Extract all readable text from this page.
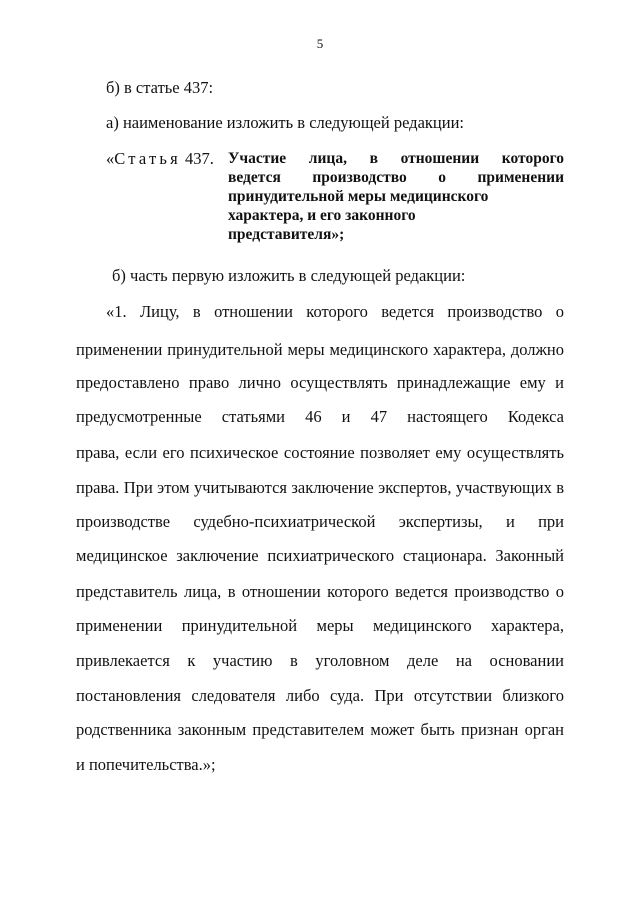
5
б) в статье 437:
а) наименование изложить в следующей редакции:
«Статья 437. Участие лица, в отношении которого
ведется производство о применении
принудительной меры медицинского
характера, и его законного
представителя»;
б) часть первую изложить в следующей редакции:
«1. Лицу, в отношении которого ведется производство о
применении принудительной меры медицинского характера, должно
предоставлено право лично осуществлять принадлежащие ему и
предусмотренные статьями 46 и 47 настоящего Кодекса
права, если его психическое состояние позволяет ему осуществлять
права. При этом учитываются заключение экспертов, участвующих в
производстве судебно-психиатрической экспертизы, и при
медицинское заключение психиатрического стационара. Законный
представитель лица, в отношении которого ведется производство о
применении принудительной меры медицинского характера,
привлекается к участию в уголовном деле на основании
постановления следователя либо суда. При отсутствии близкого
родственника законным представителем может быть признан орган
и попечительства.»;
